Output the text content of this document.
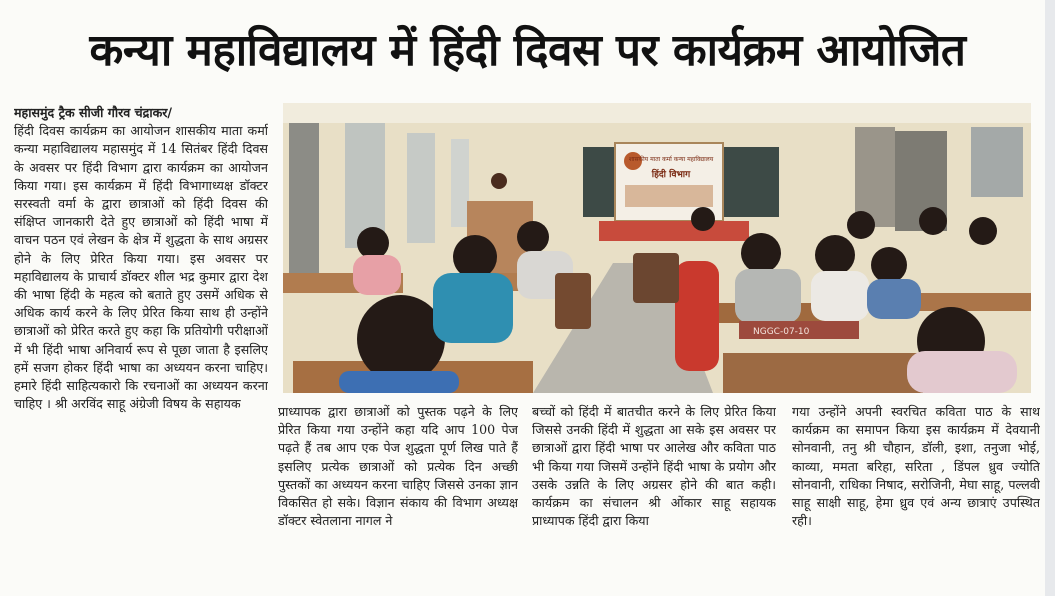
कन्या महाविद्यालय में हिंदी दिवस पर कार्यक्रम आयोजित

महासमुंद ट्रैक सीजी गौरव चंद्राकर/
हिंदी दिवस कार्यक्रम का आयोजन शासकीय माता कर्मा कन्या महाविद्यालय महासमुंद में 14 सितंबर हिंदी दिवस के अवसर पर हिंदी विभाग द्वारा कार्यक्रम का आयोजन किया गया। इस कार्यक्रम में हिंदी विभागाध्यक्ष डॉक्टर सरस्वती वर्मा के द्वारा छात्राओं को हिंदी दिवस की संक्षिप्त जानकारी देते हुए छात्राओं को हिंदी भाषा में वाचन पठन एवं लेखन के क्षेत्र में शुद्धता के साथ अग्रसर होने के लिए प्रेरित किया गया। इस अवसर पर महाविद्यालय के प्राचार्य डॉक्टर शील भद्र कुमार द्वारा देश की भाषा हिंदी के महत्व को बताते हुए उसमें अधिक से अधिक कार्य करने के लिए प्रेरित किया साथ ही उन्होंने छात्राओं को प्रेरित करते हुए कहा कि प्रतियोगी परीक्षाओं में भी हिंदी भाषा अनिवार्य रूप से पूछा जाता है इसलिए हमें सजग होकर हिंदी भाषा का अध्ययन करना चाहिए। हमारे हिंदी साहित्यकारो कि रचनाओं का अध्ययन करना चाहिए । श्री अरविंद साहू अंग्रेजी विषय के सहायक

शासकीय माता कर्मा कन्या महाविद्यालय
हिंदी विभाग
NGGC-07-10

प्राध्यापक द्वारा छात्राओं को पुस्तक पढ़ने के लिए प्रेरित किया गया उन्होंने कहा यदि आप 100 पेज पढ़ते हैं तब आप एक पेज शुद्धता पूर्ण लिख पाते हैं इसलिए प्रत्येक छात्राओं को प्रत्येक दिन अच्छी पुस्तकों का अध्ययन करना चाहिए जिससे उनका ज्ञान विकसित हो सके। विज्ञान संकाय की विभाग अध्यक्ष डॉक्टर स्वेतलाना नागल ने

बच्चों को हिंदी में बातचीत करने के लिए प्रेरित किया जिससे उनकी हिंदी में शुद्धता आ सके इस अवसर पर छात्राओं द्वारा हिंदी भाषा पर आलेख और कविता पाठ भी किया गया जिसमें उन्होंने हिंदी भाषा के प्रयोग और उसके उन्नति के लिए अग्रसर होने की बात कही।कार्यक्रम का संचालन श्री ओंकार साहू सहायक प्राध्यापक हिंदी द्वारा किया

गया उन्होंने अपनी स्वरचित कविता पाठ के साथ कार्यक्रम का समापन किया इस कार्यक्रम में देवयानी सोनवानी, तनु श्री चौहान, डॉली, इशा, तनुजा भोई, काव्या, ममता बरिहा, सरिता , डिंपल ध्रुव ज्योति सोनवानी, राधिका निषाद, सरोजिनी, मेघा साहू, पल्लवी साहू साक्षी साहू, हेमा ध्रुव एवं अन्य छात्राएं उपस्थित रही।
